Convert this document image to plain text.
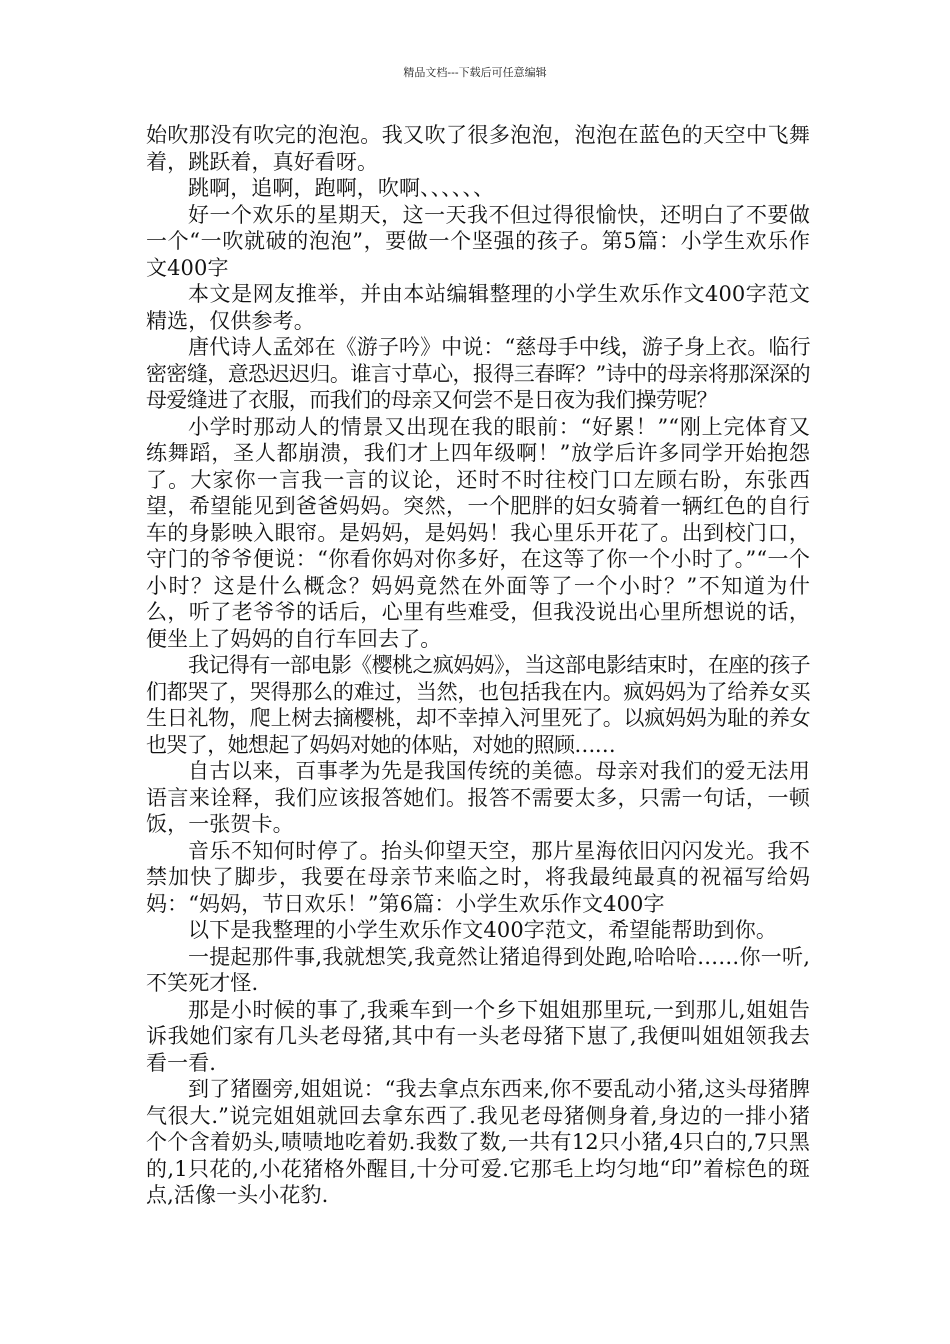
精品文档---下载后可任意编辑

始吹那没有吹完的泡泡。我又吹了很多泡泡，泡泡在蓝色的天空中飞舞着，跳跃着，真好看呀。

跳啊，追啊，跑啊，吹啊、、、、、、

好一个欢乐的星期天，这一天我不但过得很愉快，还明白了不要做一个“一吹就破的泡泡”，要做一个坚强的孩子。第5篇：小学生欢乐作文400字

本文是网友推举，并由本站编辑整理的小学生欢乐作文400字范文精选，仅供参考。

唐代诗人孟郊在《游子吟》中说：“慈母手中线，游子身上衣。临行密密缝，意恐迟迟归。谁言寸草心，报得三春晖？”诗中的母亲将那深深的母爱缝进了衣服，而我们的母亲又何尝不是日夜为我们操劳呢？

小学时那动人的情景又出现在我的眼前：“好累！”“刚上完体育又练舞蹈，圣人都崩溃，我们才上四年级啊！”放学后许多同学开始抱怨了。大家你一言我一言的议论，还时不时往校门口左顾右盼，东张西望，希望能见到爸爸妈妈。突然，一个肥胖的妇女骑着一辆红色的自行车的身影映入眼帘。是妈妈，是妈妈！我心里乐开花了。出到校门口，守门的爷爷便说：“你看你妈对你多好，在这等了你一个小时了。”“一个小时？这是什么概念？妈妈竟然在外面等了一个小时？”不知道为什么，听了老爷爷的话后，心里有些难受，但我没说出心里所想说的话，便坐上了妈妈的自行车回去了。

我记得有一部电影《樱桃之疯妈妈》，当这部电影结束时，在座的孩子们都哭了，哭得那么的难过，当然，也包括我在内。疯妈妈为了给养女买生日礼物，爬上树去摘樱桃，却不幸掉入河里死了。以疯妈妈为耻的养女也哭了，她想起了妈妈对她的体贴，对她的照顾……

自古以来，百事孝为先是我国传统的美德。母亲对我们的爱无法用语言来诠释，我们应该报答她们。报答不需要太多，只需一句话，一顿饭，一张贺卡。

音乐不知何时停了。抬头仰望天空，那片星海依旧闪闪发光。我不禁加快了脚步，我要在母亲节来临之时，将我最纯最真的祝福写给妈妈：“妈妈，节日欢乐！”第6篇：小学生欢乐作文400字

以下是我整理的小学生欢乐作文400字范文，希望能帮助到你。

一提起那件事,我就想笑,我竟然让猪追得到处跑,哈哈哈……你一听,不笑死才怪.

那是小时候的事了,我乘车到一个乡下姐姐那里玩,一到那儿,姐姐告诉我她们家有几头老母猪,其中有一头老母猪下崽了,我便叫姐姐领我去看一看.

到了猪圈旁,姐姐说：“我去拿点东西来,你不要乱动小猪,这头母猪脾气很大.”说完姐姐就回去拿东西了.我见老母猪侧身着,身边的一排小猪个个含着奶头,啧啧地吃着奶.我数了数,一共有12只小猪,4只白的,7只黑的,1只花的,小花猪格外醒目,十分可爱.它那毛上均匀地“印”着棕色的斑点,活像一头小花豹.
